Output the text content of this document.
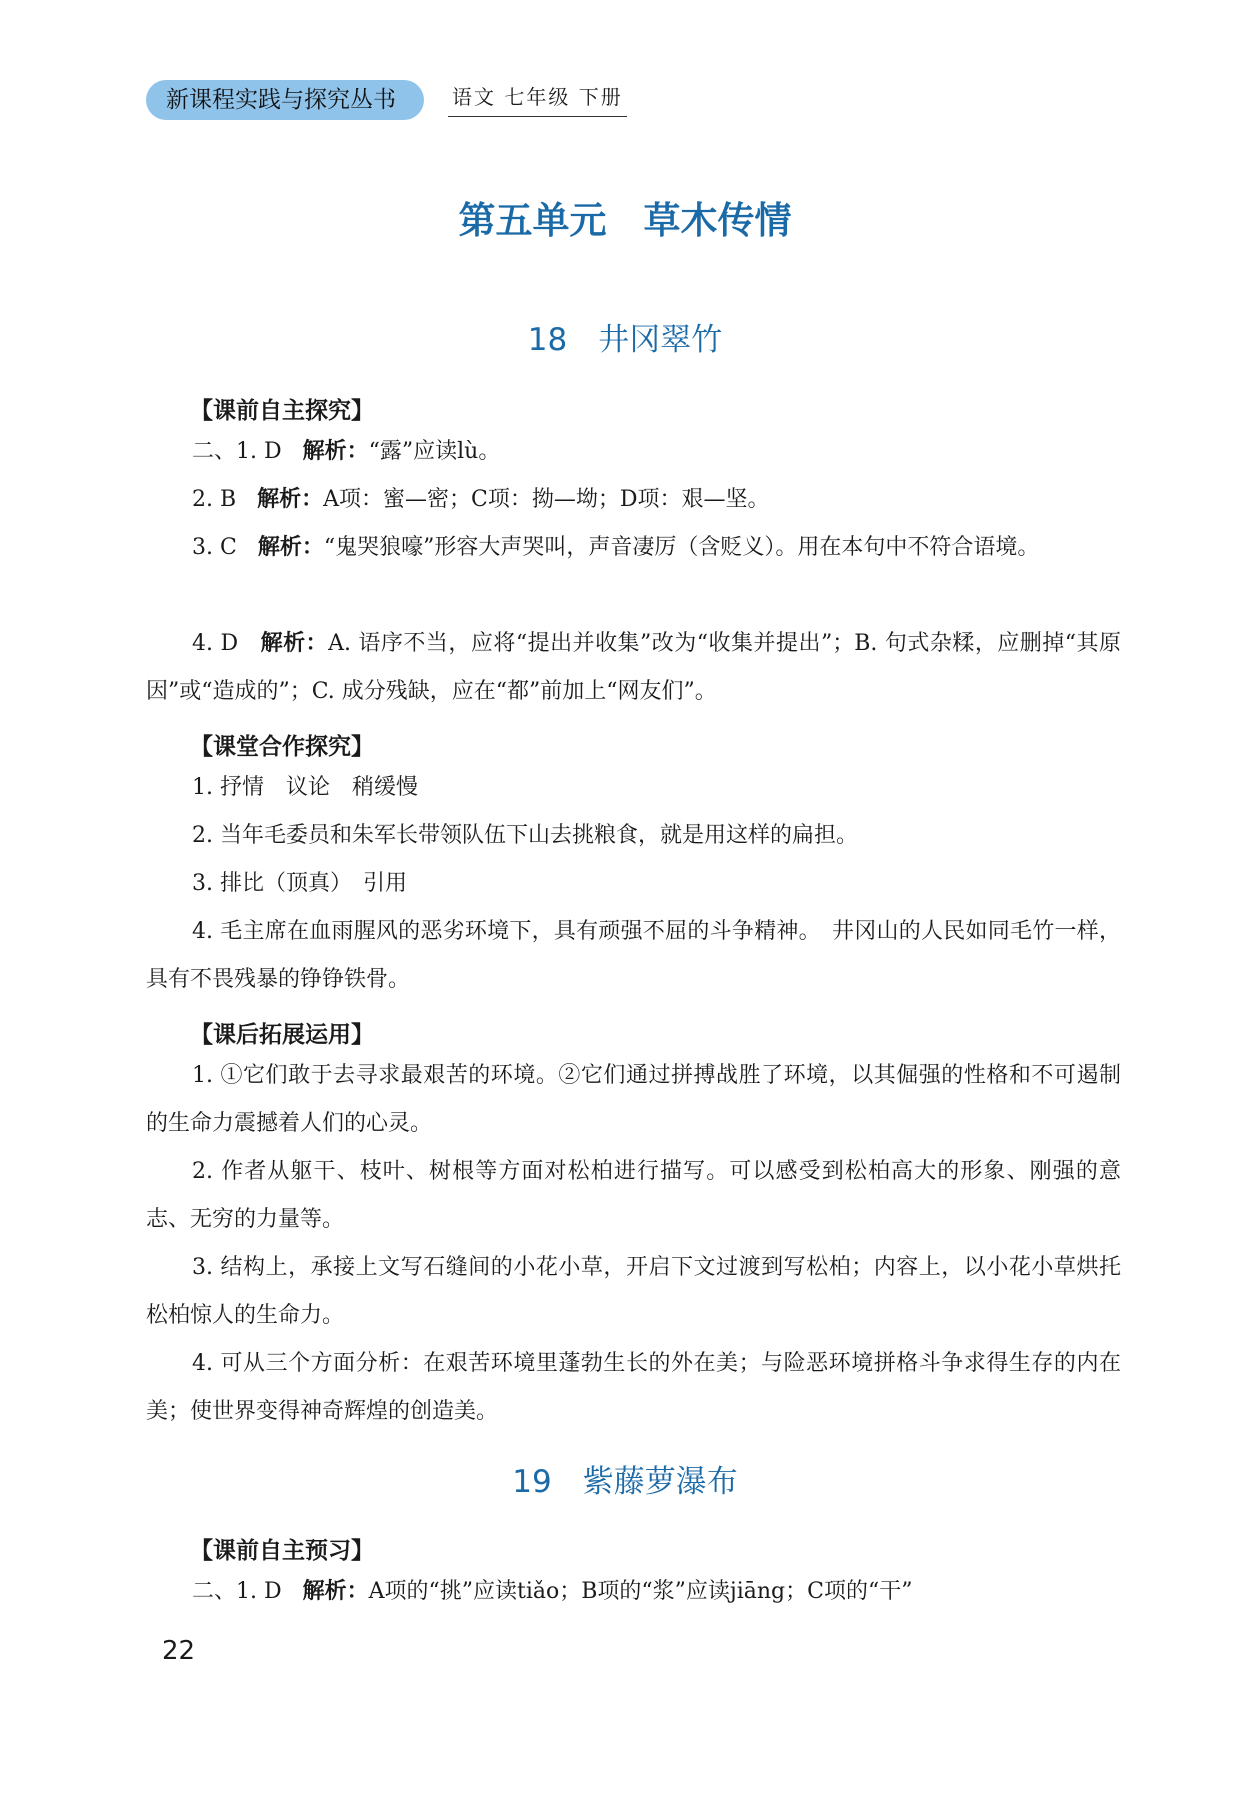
新课程实践与探究丛书	语文 七年级 下册
第五单元　草木传情
18　井冈翠竹
【课前自主探究】
二、1. D 解析：“露”应读lù。
2. B 解析：A项：蜜—密；C项：拗—坳；D项：艰—坚。
3. C 解析：“鬼哭狼嚎”形容大声哭叫，声音凄厉（含贬义）。用在本句中不符合语境。
4. D 解析：A. 语序不当，应将“提出并收集”改为“收集并提出”；B. 句式杂糅，应删掉“其原因”或“造成的”；C. 成分残缺，应在“都”前加上“网友们”。
【课堂合作探究】
1. 抒情　议论　稍缓慢
2. 当年毛委员和朱军长带领队伍下山去挑粮食，就是用这样的扁担。
3. 排比（顶真）　引用
4. 毛主席在血雨腥风的恶劣环境下，具有顽强不屈的斗争精神。　井冈山的人民如同毛竹一样，具有不畏残暴的铮铮铁骨。
【课后拓展运用】
1. ①它们敢于去寻求最艰苦的环境。②它们通过拼搏战胜了环境，以其倔强的性格和不可遏制的生命力震撼着人们的心灵。
2. 作者从躯干、枝叶、树根等方面对松柏进行描写。可以感受到松柏高大的形象、刚强的意志、无穷的力量等。
3. 结构上，承接上文写石缝间的小花小草，开启下文过渡到写松柏；内容上，以小花小草烘托松柏惊人的生命力。
4. 可从三个方面分析：在艰苦环境里蓬勃生长的外在美；与险恶环境拼格斗争求得生存的内在美；使世界变得神奇辉煌的创造美。
19　紫藤萝瀑布
【课前自主预习】
二、1. D 解析：A项的“挑”应读tiǎo；B项的“浆”应读jiāng；C项的“干”
22
